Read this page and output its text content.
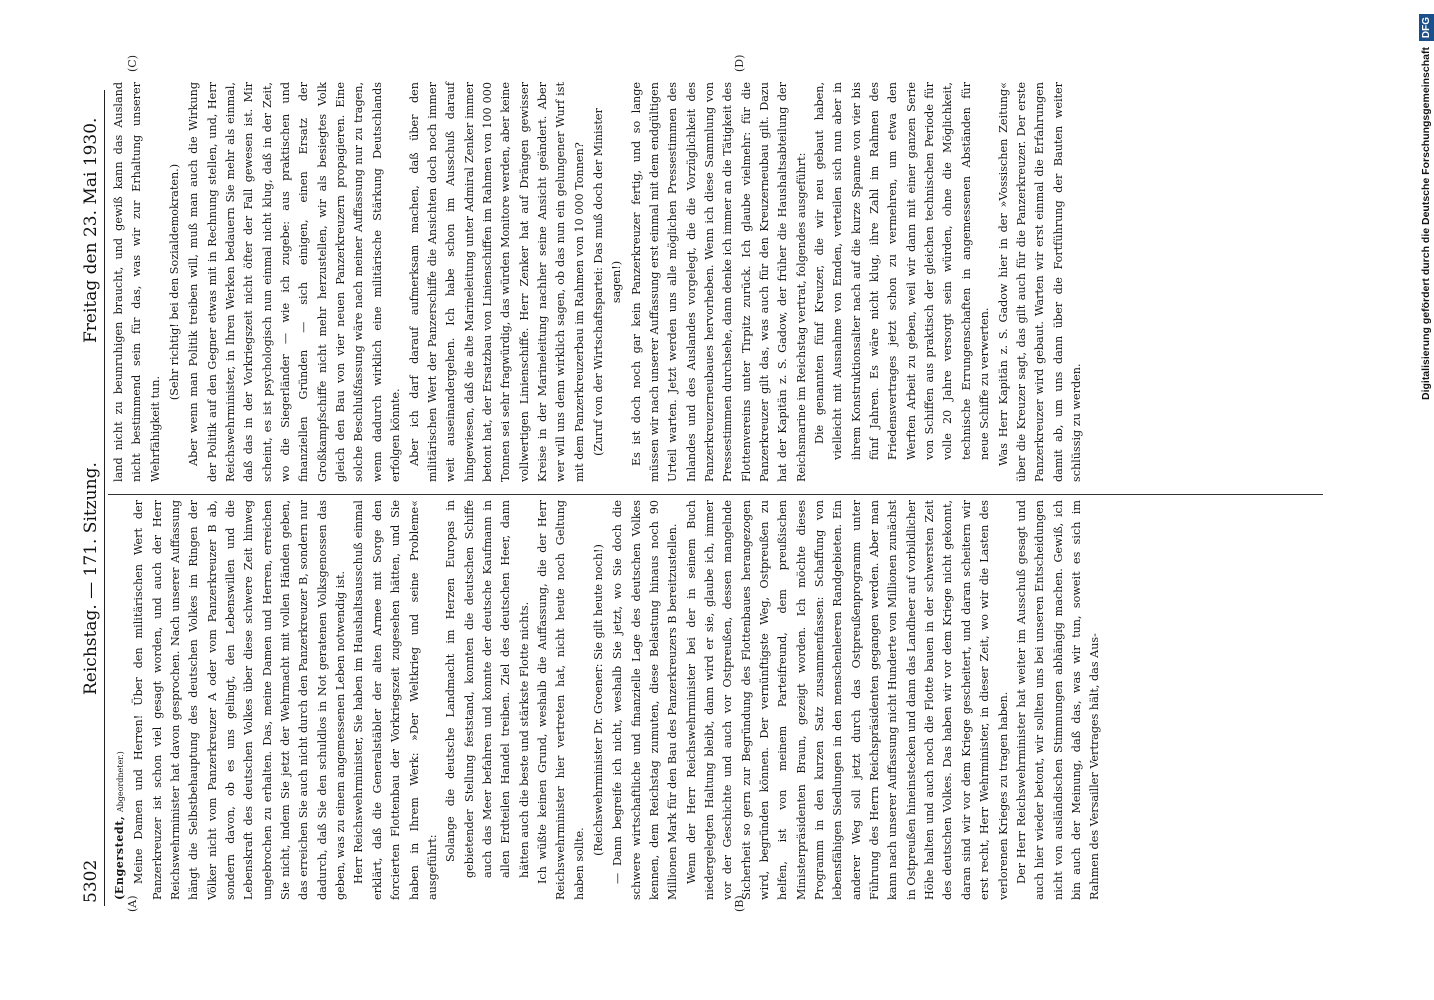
5302
Reichstag. — 171. Sitzung.
Freitag den 23. Mai 1930.
(A)	(B)
(C)	(D)

(Engerstedt, Abgeordneter.) Meine Damen und Herren! Über den militärischen Wert der Panzerkreuzer ist schon viel gesagt worden, und auch der Herr Reichswehrminister hat davon gesprochen. Nach unserer Auffassung hängt die Selbstbehauptung des deutschen Volkes im Ringen der Völker nicht vom Panzerkreuzer A oder vom Panzerkreuzer B ab, sondern davon, ob es uns gelingt, den Lebenswillen und die Lebenskraft des deutschen Volkes über diese schwere Zeit hinweg ungebrochen zu erhalten. Das, meine Damen und Herren, erreichen Sie nicht, indem Sie jetzt der Wehrmacht mit vollen Händen geben, das erreichen Sie auch nicht durch den Panzerkreuzer B, sondern nur dadurch, daß Sie den schuldlos in Not geratenen Volksgenossen das geben, was zu einem angemessenen Leben notwendig ist. Herr Reichswehrminister, Sie haben im Haushaltsausschuß einmal erklärt, daß die Generalstäbler der alten Armee mit Sorge den forcierten Flottenbau der Vorkriegszeit zugesehen hätten, und Sie haben in Ihrem Werk: »Der Weltkrieg und seine Probleme« ausgeführt:

Solange die deutsche Landmacht im Herzen Europas in gebietender Stellung feststand, konnten die deutschen Schiffe auch das Meer befahren und konnte der deutsche Kaufmann in allen Erdteilen Handel treiben. Ziel des deutschen Heer, dann hätten auch die beste und stärkste Flotte nichts. Ich wüßte keinen Grund, weshalb die Auffassung, die der Herr Reichswehrminister hier vertreten hat, nicht heute noch Geltung haben sollte.

(Reichswehrminister Dr. Groener: Sie gilt heute noch!) — Dann begreife ich nicht, weshalb Sie jetzt, wo Sie doch die schwere wirtschaftliche und finanzielle Lage des deutschen Volkes kennen, dem Reichstag zumuten, diese Belastung hinaus noch 90 Millionen Mark für den Bau des Panzerkreuzers B bereitzustellen. Wenn der Herr Reichswehrminister bei der in seinem Buch niedergelegten Haltung bleibt, dann wird er sie, glaube ich, immer vor der Geschichte und auch vor Ostpreußen, dessen mangelnde Sicherheit so gern zur Begründung des Flottenbaues herangezogen wird, begründen können. Der vernünftigste Weg, Ostpreußen zu helfen, ist von meinem Parteifreund, dem preußischen Ministerpräsidenten Braun, gezeigt worden. Ich möchte dieses Programm in den kurzen Satz zusammenfassen: Schaffung von lebensfähigen Siedlungen in den menschenleeren Randgebieten. Ein anderer Weg soll jetzt durch das Ostpreußenprogramm unter Führung des Herrn Reichspräsidenten gegangen werden. Aber man kann nach unserer Auffassung nicht Hunderte von Millionen zunächst in Ostpreußen hineinstecken und dann das Landheer auf vorbildlicher Höhe halten und auch noch die Flotte bauen in der schwersten Zeit des deutschen Volkes. Das haben wir vor dem Kriege nicht gekonnt, daran sind wir vor dem Kriege gescheitert, und daran scheitern wir erst recht, Herr Wehrminister, in dieser Zeit, wo wir die Lasten des verlorenen Krieges zu tragen haben. Der Herr Reichswehrminister hat weiter im Ausschuß gesagt und auch hier wieder betont, wir sollten uns bei unseren Entscheidungen nicht von ausländischen Stimmungen abhängig machen. Gewiß, ich bin auch der Meinung, daß das, was wir tun, soweit es sich im Rahmen des Versailler Vertrages hält, das Aus-

land nicht zu beunruhigen braucht, und gewiß kann das Ausland nicht bestimmend sein für das, was wir zur Erhaltung unserer Wehrfähigkeit tun.

(Sehr richtig! bei den Sozialdemokraten.) Aber wenn man Politik treiben will, muß man auch die Wirkung der Politik auf den Gegner etwas mit in Rechnung stellen, und, Herr Reichswehrminister, in Ihren Werken bedauern Sie mehr als einmal, daß das in der Vorkriegszeit nicht öfter der Fall gewesen ist. Mir scheint, es ist psychologisch nun einmal nicht klug, daß in der Zeit, wo die Siegerländer — wie ich zugebe: aus praktischen und finanziellen Gründen — sich einigen, einen Ersatz der Großkampfschiffe nicht mehr herzustellen, wir als besiegtes Volk gleich den Bau von vier neuen Panzerkreuzern propagieren. Eine solche Beschlußfassung wäre nach meiner Auffassung nur zu tragen, wenn dadurch wirklich eine militärische Stärkung Deutschlands erfolgen könnte. Aber ich darf darauf aufmerksam machen, daß über den militärischen Wert der Panzerschiffe die Ansichten doch noch immer weit auseinandergehen. Ich habe schon im Ausschuß darauf hingewiesen, daß die alte Marineleitung unter Admiral Zenker immer betont hat, der Ersatzbau von Linienschiffen im Rahmen von 100 000 Tonnen sei sehr fragwürdig, das würden Monitore werden, aber keine vollwertigen Linienschiffe. Herr Zenker hat auf Drängen gewisser Kreise in der Marineleitung nachher seine Ansicht geändert. Aber wer will uns denn wirklich sagen, ob das nun ein gelungener Wurf ist mit dem Panzerkreuzerbau im Rahmen von 10 000 Tonnen? (Zuruf von der Wirtschaftspartei: Das muß doch der Minister sagen!) Es ist doch noch gar kein Panzerkreuzer fertig, und so lange müssen wir nach unserer Auffassung erst einmal mit dem endgültigen Urteil warten. Jetzt werden uns alle möglichen Pressestimmen des Inlandes und des Auslandes vorgelegt, die die Vorzüglichkeit des Panzerkreuzerneubaues hervorheben. Wenn ich diese Sammlung von Pressestimmen durchsehe, dann denke ich immer an die Tätigkeit des Flottenvereins unter Tirpitz zurück. Ich glaube vielmehr: für die Panzerkreuzer gilt das, was auch für den Kreuzerneubau gilt. Dazu hat der Kapitän z. S. Gadow, der früher die Haushaltsabteilung der Reichsmarine im Reichstag vertrat, folgendes ausgeführt: Die genannten fünf Kreuzer, die wir neu gebaut haben, vielleicht mit Ausnahme von Emden, verteilen sich nun aber in ihrem Konstruktionsalter nach auf die kurze Spanne von vier bis fünf Jahren. Es wäre nicht klug, ihre Zahl im Rahmen des Friedensvertrages jetzt schon zu vermehren, um etwa den Werften Arbeit zu geben, weil wir dann mit einer ganzen Serie von Schiffen aus praktisch der gleichen technischen Periode für volle 20 Jahre versorgt sein würden, ohne die Möglichkeit, technische Errungenschaften in angemessenen Abständen für neue Schiffe zu verwerten. Was Herr Kapitän z. S. Gadow hier in der »Vossischen Zeitung« über die Kreuzer sagt, das gilt auch für die Panzerkreuzer. Der erste Panzerkreuzer wird gebaut. Warten wir erst einmal die Erfahrungen damit ab, um uns dann über die Fortführung der Bauten weiter schlüssig zu werden.

Digitalisierung gefördert durch die Deutsche Forschungsgemeinschaft DFG
